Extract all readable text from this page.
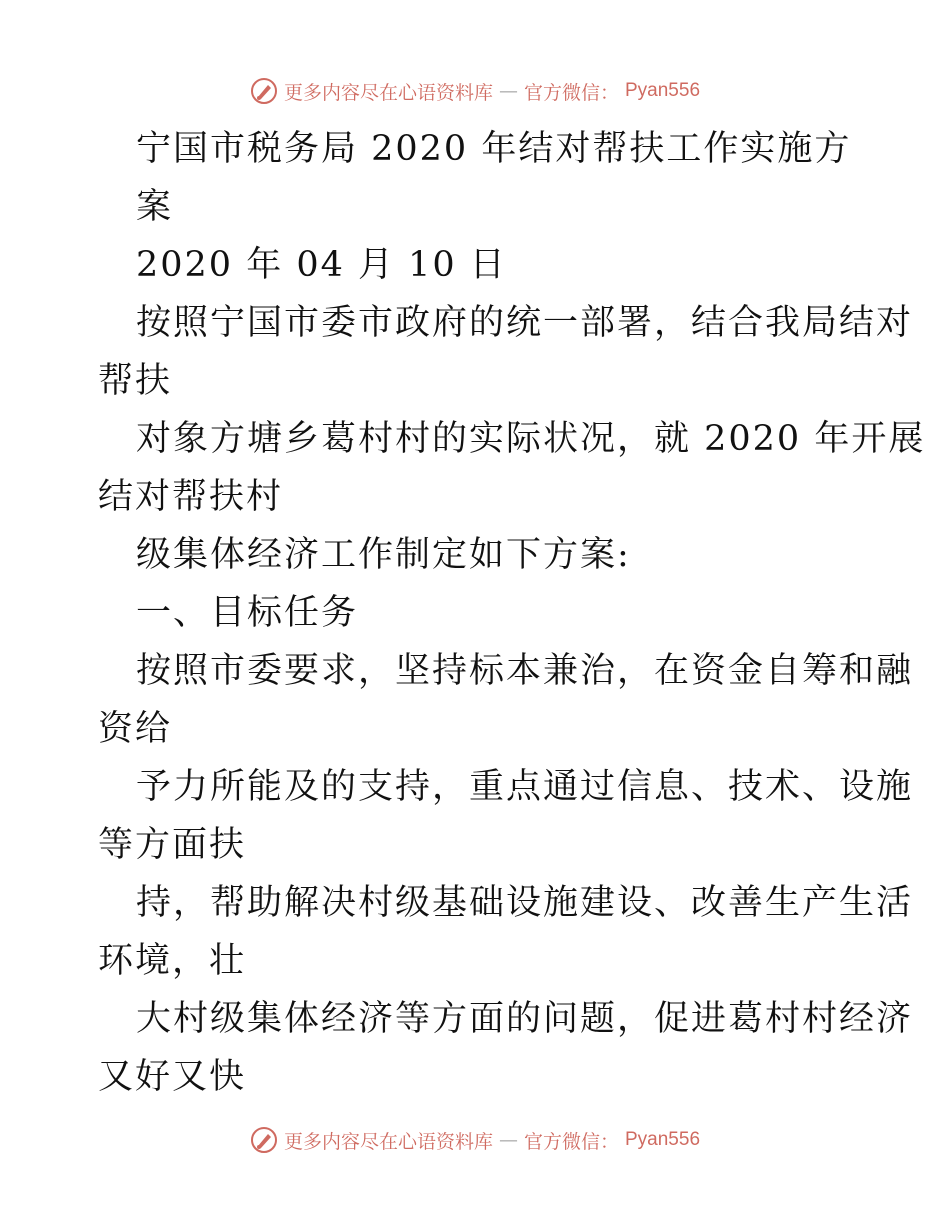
更多内容尽在心语资料库 — 官方微信： Pyan556
宁国市税务局 2020 年结对帮扶工作实施方
案
2020 年 04 月 10 日
按照宁国市委市政府的统一部署，结合我局结对
帮扶
对象方塘乡葛村村的实际状况，就 2020 年开展
结对帮扶村
级集体经济工作制定如下方案:
一、目标任务
按照市委要求，坚持标本兼治，在资金自筹和融
资给
予力所能及的支持，重点通过信息、技术、设施
等方面扶
持，帮助解决村级基础设施建设、改善生产生活
环境，壮
大村级集体经济等方面的问题，促进葛村村经济
又好又快
更多内容尽在心语资料库 — 官方微信： Pyan556
